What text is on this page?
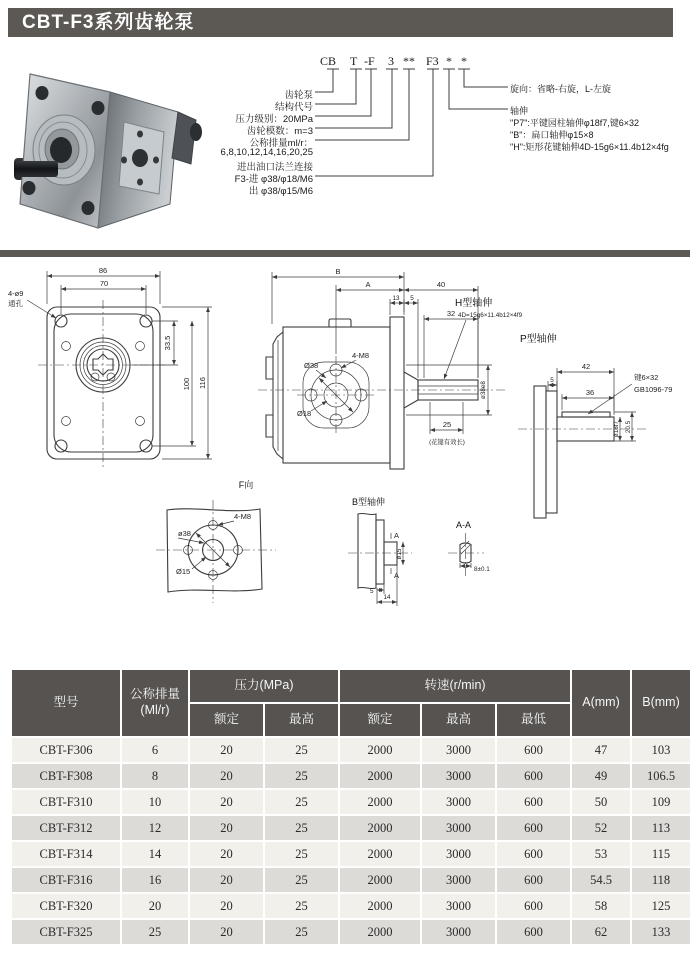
CBT-F3系列齿轮泵
CB T -F 3 ** F3 * *
齿轮泵
结构代号
压力级别：20MPa
齿轮模数：m=3
公称排量ml/r：
6,8,10,12,14,16,20,25
进出油口法兰连接
F3-进 φ38/φ18/M6
出 φ38/φ15/M6
旋向：省略-右旋，L-左旋
轴伸
"P7":平键园柱轴伸φ18f7,键6×32
"B"：扁口轴伸φ15×8
"H":矩形花键轴伸4D-15g6×11.4b12×4fg
86
70
33.5
100 116
4-ø9
通孔
Ø38
4-M8
Ø18
B
A	40
13 5
32
25
(花键有效长)
H型轴伸
4D=15g6×11.4b12×4f9
ø38e8
P型轴伸
42
5
36
键6×32
GB1096-79
ø18f7 20.5
F向
ø38
Ø15
4-M8
B型轴伸
A
A
ø15
5
14
A-A
8±0.1
型号	公称排量
(Ml/r)	压力(MPa)		转速(r/min)			A(mm)	B(mm)
		额定	最高	额定	最高	最低		
CBT-F306	6	20	25	2000	3000	600	47	103
CBT-F308	8	20	25	2000	3000	600	49	106.5
CBT-F310	10	20	25	2000	3000	600	50	109
CBT-F312	12	20	25	2000	3000	600	52	113
CBT-F314	14	20	25	2000	3000	600	53	115
CBT-F316	16	20	25	2000	3000	600	54.5	118
CBT-F320	20	20	25	2000	3000	600	58	125
CBT-F325	25	20	25	2000	3000	600	62	133
